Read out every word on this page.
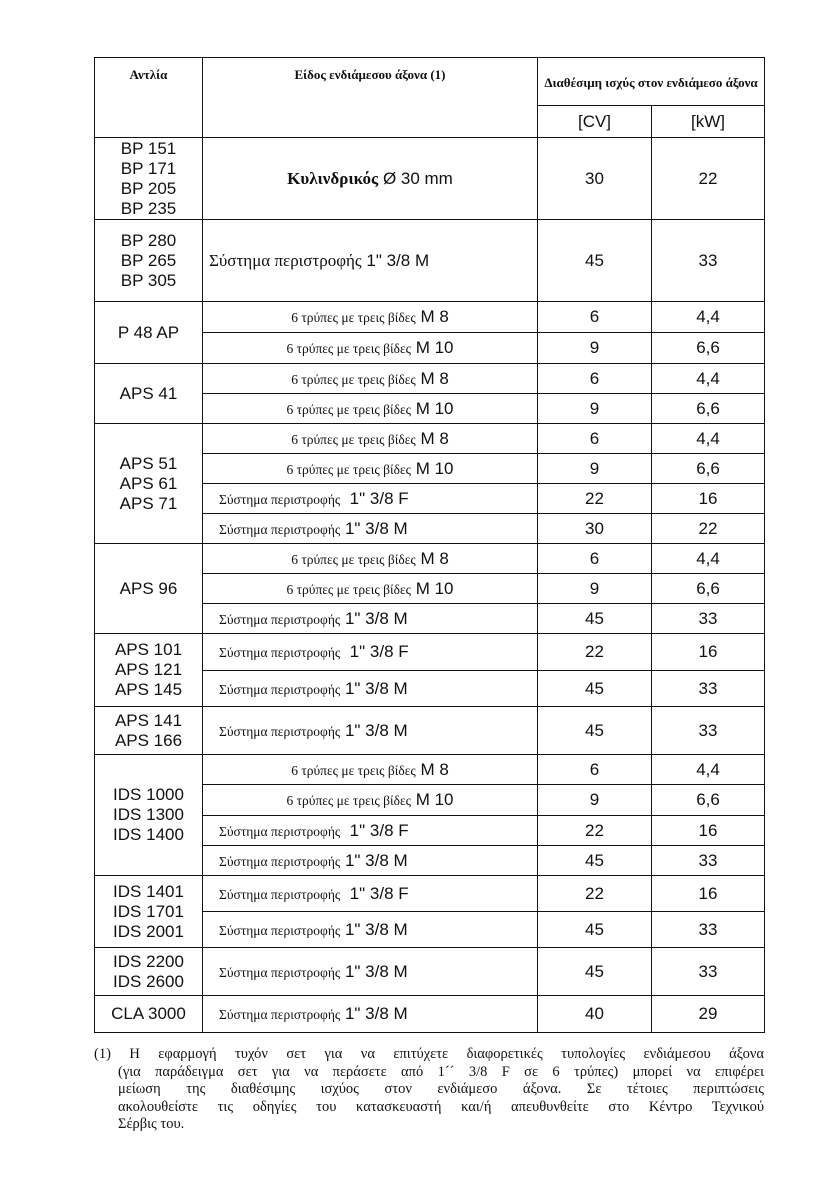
Αντλία	Είδος ενδιάμεσου άξονα (1)	Διαθέσιμη ισχύς στον ενδιάμεσο άξονα	
		[CV]	[kW]
BP 151
BP 171
BP 205
BP 235	Κυλινδρικός Ø 30 mm	30	22
BP 280
BP 265
BP 305	Σύστημα περιστροφής 1" 3/8 M	45	33
P 48 AP	6 τρύπες με τρεις βίδες M 8	6	4,4
	6 τρύπες με τρεις βίδες M 10	9	6,6
APS 41	6 τρύπες με τρεις βίδες M 8	6	4,4
	6 τρύπες με τρεις βίδες M 10	9	6,6
APS 51
APS 61
APS 71	6 τρύπες με τρεις βίδες M 8	6	4,4
	6 τρύπες με τρεις βίδες M 10	9	6,6
	Σύστημα περιστροφής  1" 3/8 F	22	16
	Σύστημα περιστροφής 1" 3/8 M	30	22
APS 96	6 τρύπες με τρεις βίδες M 8	6	4,4
	6 τρύπες με τρεις βίδες M 10	9	6,6
	Σύστημα περιστροφής 1" 3/8 M	45	33
APS 101
APS 121
APS 145	Σύστημα περιστροφής  1" 3/8 F	22	16
	Σύστημα περιστροφής 1" 3/8 M	45	33
APS 141
APS 166	Σύστημα περιστροφής 1" 3/8 M	45	33
IDS 1000
IDS 1300
IDS 1400	6 τρύπες με τρεις βίδες M 8	6	4,4
	6 τρύπες με τρεις βίδες M 10	9	6,6
	Σύστημα περιστροφής  1" 3/8 F	22	16
	Σύστημα περιστροφής 1" 3/8 M	45	33
IDS 1401
IDS 1701
IDS 2001	Σύστημα περιστροφής  1" 3/8 F	22	16
	Σύστημα περιστροφής 1" 3/8 M	45	33
IDS 2200
IDS 2600	Σύστημα περιστροφής 1" 3/8 M	45	33
CLA 3000	Σύστημα περιστροφής 1" 3/8 M	40	29
(1) Η εφαρμογή τυχόν σετ για να επιτύχετε διαφορετικές τυπολογίες ενδιάμεσου άξονα
(για παράδειγμα σετ για να περάσετε από 1´´ 3/8 F σε 6 τρύπες) μπορεί να επιφέρει
μείωση της διαθέσιμης ισχύος στον ενδιάμεσο άξονα. Σε τέτοιες περιπτώσεις
ακολουθείστε τις οδηγίες του κατασκευαστή και/ή απευθυνθείτε στο Κέντρο Τεχνικού
Σέρβις του.
